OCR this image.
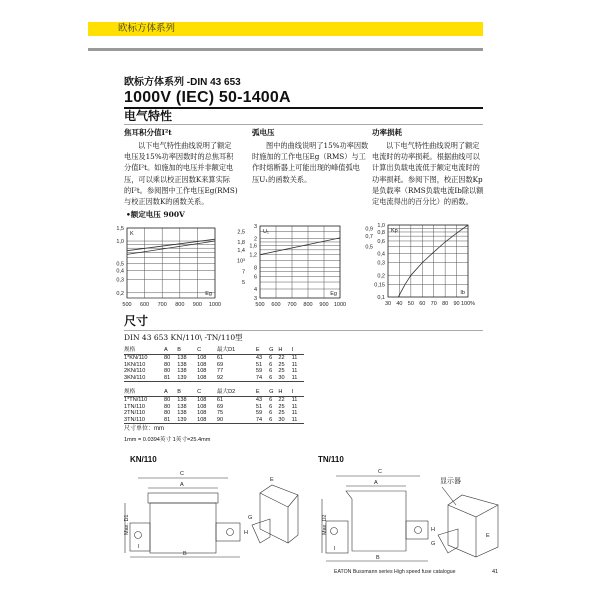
欧标方体系列
欧标方体系列 -DIN 43 653
1000V (IEC) 50-1400A
电气特性
焦耳积分值I²t	弧电压	功率损耗
以下电气特性曲线说明了额定
电压及15%功率因数时的总焦耳积
分值I²t。如施加的电压并非额定电
压，可以乘以校正因数K来算实际
的I²t。参阅图中工作电压Eg(RMS)
与校正因数K的函数关系。
图中的曲线说明了15%功率因数
时施加的工作电压Eg（RMS）与工
作时熔断器上可能出现的峰值弧电
压U₁的函数关系。
以下电气特性曲线说明了额定
电流时的功率损耗。根据曲线可以
计算出负载电流低于额定电流时的
功率损耗。参阅下图，校正因数Kp
是负载率（RMS负载电流Ib除以额
定电流得出的百分比）的函数。
•额定电压 900V
1,5
1,0
0,5
0,4
0,3
0,2
500 600 700 800 900 1000
K
Eg
3
2,5
2
1,8
1,6
1,4
1,2
10³
8
7
6
5
4
3
500 600 700 800 900 1000
U₁
Eg
1,0
0,9
0,8
0,7
0,6
0,5
0,4
0,3
0,2
0,15
0,1
30 40 50 60 70 80 90 100%
Kp
Ib
尺寸
DIN 43 653 KN/110\ -TN/110型
规格	A	B	C	最大D1	E	G	H	I
1*KN/110	80	138	108	61	43	6	22	11
1KN/110	80	138	108	69	51	6	25	11
2KN/110	80	138	108	77	59	6	25	11
3KN/110	81	139	108	92	74	6	30	11
规格	A	B	C	最大D2	E	G	H	I
1*TN/110	80	138	108	61	43	6	22	11
1TN/110	80	138	108	69	51	6	25	11
2TN/110	80	138	108	75	59	6	25	11
3TN/110	81	139	108	90	74	6	30	11
尺寸单位：mm
1mm = 0.0394英寸 1英寸=25.4mm
KN/110
C
A
Max. D1	H
B
I
E
G
TN/110
C
A
Max. D2	H
B
I
显示器
E
G
EATON Bussmann series High speed fuse catalogue	41
